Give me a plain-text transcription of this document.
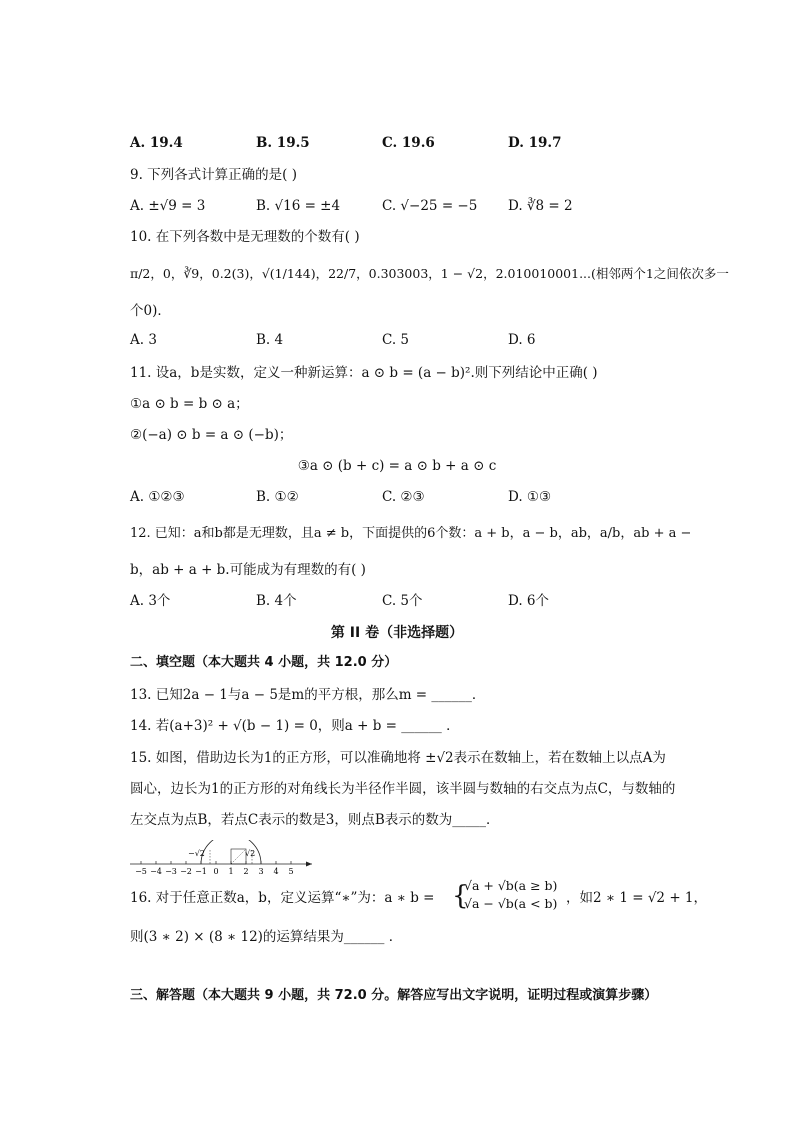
A. 19.4	B. 19.5	C. 19.6	D. 19.7
9. 下列各式计算正确的是( )
A. ±√9 = 3	B. √16 = ±4	C. √−25 = −5 D. ∛8 = 2
10. 在下列各数中是无理数的个数有( )
π/2，0，∛9，0.2(3)，√(1/144)，22/7，0.303003，1 − √2，2.010010001...(相邻两个1之间依次多一
个0)．
A. 3	B. 4	C. 5	D. 6
11. 设a，b是实数，定义一种新运算：a ⊙ b = (a − b)².则下列结论中正确( )
①a ⊙ b = b ⊙ a；
②(−a) ⊙ b = a ⊙ (−b)；
③a ⊙ (b + c) = a ⊙ b + a ⊙ c
A. ①②③	B. ①②	C. ②③	D. ①③
12. 已知：a和b都是无理数，且a ≠ b，下面提供的6个数：a + b，a − b，ab，a/b，ab + a −
b，ab + a + b.可能成为有理数的有( )
A. 3个	B. 4个	C. 5个	D. 6个
第 II 卷（非选择题）
二、填空题（本大题共 4 小题，共 12.0 分）
13. 已知2a − 1与a − 5是m的平方根，那么m = ______．
14. 若(a+3)² + √(b − 1) = 0，则a + b = ______ ．
15. 如图，借助边长为1的正方形，可以准确地将 ±√2表示在数轴上，若在数轴上以点A为
圆心，边长为1的正方形的对角线长为半径作半圆，该半圆与数轴的右交点为点C，与数轴的
左交点为点B，若点C表示的数是3，则点B表示的数为_____．
−√2	√2
−5 −4 −3 −2 −1 0 1 2 3 4 5
16. 对于任意正数a，b，定义运算“∗”为：a ∗ b = {
√a + √b(a ≥ b)
√a − √b(a < b) ，如2 ∗ 1 = √2 + 1，
则(3 ∗ 2) × (8 ∗ 12)的运算结果为______ ．
三、解答题（本大题共 9 小题，共 72.0 分。解答应写出文字说明，证明过程或演算步骤）
